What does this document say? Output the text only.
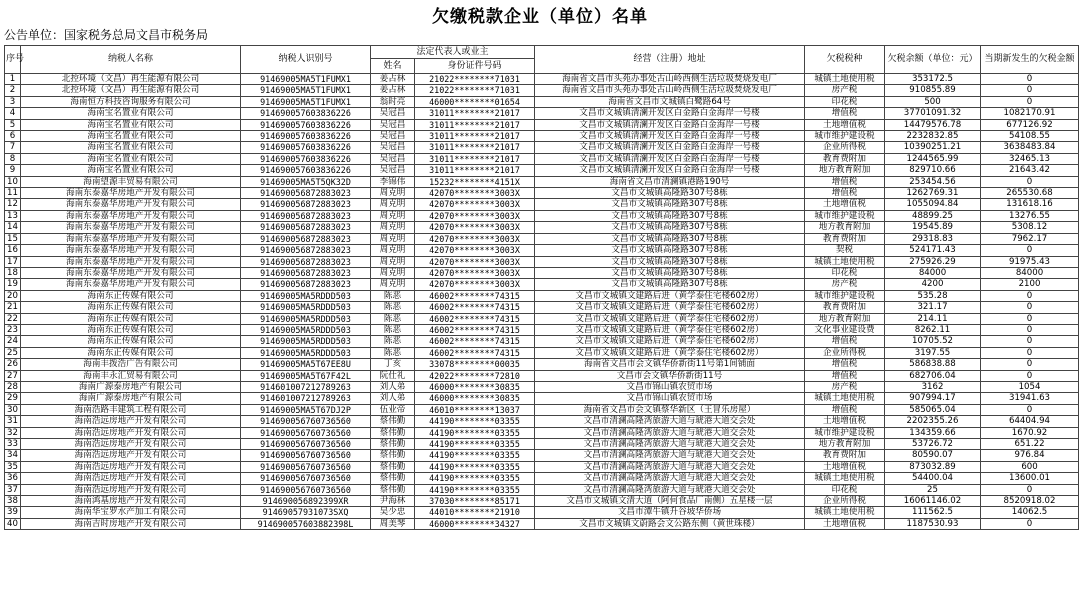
欠缴税款企业（单位）名单
公告单位：国家税务总局文昌市税务局
序号	纳税人名称	纳税人识别号	法定代表人或业主		经营（注册）地址	欠税税种	欠税余额（单位：元）	当期新发生的欠税金额
			姓名	身份证件号码				
1	北控环境（文昌）再生能源有限公司	91469005MA5T1FUMX1	姜占林	21022********71031	海南省文昌市头苑办事处古山岭西侧生活垃圾焚烧发电厂	城镇土地使用税	353172.5	0
2	北控环境（文昌）再生能源有限公司	91469005MA5T1FUMX1	姜占林	21022********71031	海南省文昌市头苑办事处古山岭西侧生活垃圾焚烧发电厂	房产税	910855.89	0
3	海南恒方科技咨询服务有限公司	91469005MA5T1FUMX1	翁时亮	46000********01654	海南省文昌市文城镇白鹭路64号	印花税	500	0
4	海南宝名置业有限公司	914690057603836226	吴冠昌	31011********21017	文昌市文城镇清澜开发区白金路白金海岸一号楼	增值税	37701091.32	1082170.91
5	海南宝名置业有限公司	914690057603836226	吴冠昌	31011********21017	文昌市文城镇清澜开发区白金路白金海岸一号楼	土地增值税	14479576.78	677126.92
6	海南宝名置业有限公司	914690057603836226	吴冠昌	31011********21017	文昌市文城镇清澜开发区白金路白金海岸一号楼	城市维护建设税	2232832.85	54108.55
7	海南宝名置业有限公司	914690057603836226	吴冠昌	31011********21017	文昌市文城镇清澜开发区白金路白金海岸一号楼	企业所得税	10390251.21	3638483.84
8	海南宝名置业有限公司	914690057603836226	吴冠昌	31011********21017	文昌市文城镇清澜开发区白金路白金海岸一号楼	教育费附加	1244565.99	32465.13
9	海南宝名置业有限公司	914690057603836226	吴冠昌	31011********21017	文昌市文城镇清澜开发区白金路白金海岸一号楼	地方教育附加	829710.66	21643.42
10	海南望源丰贸易有限公司	91469005MA5T5QK32D	李锦伟	15232********4151X	海南省文昌市清澜镇港路190号	增值税	253454.56	0
11	海南东泰嘉华房地产开发有限公司	914690056872883023	周克明	42070********3003X	文昌市文城镇高隆路307号8栋	增值税	1262769.31	265530.68
12	海南东泰嘉华房地产开发有限公司	914690056872883023	周克明	42070********3003X	文昌市文城镇高隆路307号8栋	土地增值税	1055094.84	131618.16
13	海南东泰嘉华房地产开发有限公司	914690056872883023	周克明	42070********3003X	文昌市文城镇高隆路307号8栋	城市维护建设税	48899.25	13276.55
14	海南东泰嘉华房地产开发有限公司	914690056872883023	周克明	42070********3003X	文昌市文城镇高隆路307号8栋	地方教育附加	19545.89	5308.12
15	海南东泰嘉华房地产开发有限公司	914690056872883023	周克明	42070********3003X	文昌市文城镇高隆路307号8栋	教育费附加	29318.83	7962.17
16	海南东泰嘉华房地产开发有限公司	914690056872883023	周克明	42070********3003X	文昌市文城镇高隆路307号8栋	契税	524171.43	0
17	海南东泰嘉华房地产开发有限公司	914690056872883023	周克明	42070********3003X	文昌市文城镇高隆路307号8栋	城镇土地使用税	275926.29	91975.43
18	海南东泰嘉华房地产开发有限公司	914690056872883023	周克明	42070********3003X	文昌市文城镇高隆路307号8栋	印花税	84000	84000
19	海南东泰嘉华房地产开发有限公司	914690056872883023	周克明	42070********3003X	文昌市文城镇高隆路307号8栋	房产税	4200	2100
20	海南东正传媒有限公司	91469005MA5RDDD503	陈恶	46002********74315	文昌市文城镇文建路后进（黄学泰住宅楼602房）	城市维护建设税	535.28	0
21	海南东正传媒有限公司	91469005MA5RDDD503	陈恶	46002********74315	文昌市文城镇文建路后进（黄学泰住宅楼602房）	教育费附加	321.17	0
22	海南东正传媒有限公司	91469005MA5RDDD503	陈恶	46002********74315	文昌市文城镇文建路后进（黄学泰住宅楼602房）	地方教育附加	214.11	0
23	海南东正传媒有限公司	91469005MA5RDDD503	陈恶	46002********74315	文昌市文城镇文建路后进（黄学泰住宅楼602房）	文化事业建设费	8262.11	0
24	海南东正传媒有限公司	91469005MA5RDDD503	陈恶	46002********74315	文昌市文城镇文建路后进（黄学泰住宅楼602房）	增值税	10705.52	0
25	海南东正传媒有限公司	91469005MA5RDDD503	陈恶	46002********74315	文昌市文城镇文建路后进（黄学泰住宅楼602房）	企业所得税	3197.55	0
26	海南丰拨浩广告有限公司	91469005MA5T67EE8U	丁亥	33078********00035	海南省文昌市会文镇华侨新街11号第1间铺面	增值税	586838.88	0
27	海南丰永汇贸易有限公司	91469005MA5T67F42L	阮仕礼	42022********72810	文昌市会文镇华侨新街11号	增值税	682706.04	0
28	海南广源泰房地产有限公司	914601007212789263	刘人弟	46000********30835	文昌市锦山镇农贸市场	房产税	3162	1054
29	海南广源泰房地产有限公司	914601007212789263	刘人弟	46000********30835	文昌市锦山镇农贸市场	城镇土地使用税	907994.17	31941.63
30	海南浩路丰建筑工程有限公司	91469005MA5T67DJ2P	伍业帝	46010********13037	海南省文昌市会文镇蔡华新区（王冒乐房屋）	增值税	585065.04	0
31	海南浩远房地产开发有限公司	914690056760736560	蔡伟勤	44190********03355	文昌市清澜高隆湾旅游大道与琥港大道交会处	土地增值税	2202355.26	64404.94
32	海南浩远房地产开发有限公司	914690056760736560	蔡伟勤	44190********03355	文昌市清澜高隆湾旅游大道与琥港大道交会处	城市维护建设税	134359.66	1670.92
33	海南浩远房地产开发有限公司	914690056760736560	蔡伟勤	44190********03355	文昌市清澜高隆湾旅游大道与琥港大道交会处	地方教育附加	53726.72	651.22
34	海南浩远房地产开发有限公司	914690056760736560	蔡伟勤	44190********03355	文昌市清澜高隆湾旅游大道与琥港大道交会处	教育费附加	80590.07	976.84
35	海南浩远房地产开发有限公司	914690056760736560	蔡伟勤	44190********03355	文昌市清澜高隆湾旅游大道与琥港大道交会处	土地增值税	873032.89	600
36	海南浩远房地产开发有限公司	914690056760736560	蔡伟勤	44190********03355	文昌市清澜高隆湾旅游大道与琥港大道交会处	城镇土地使用税	54400.04	13600.01
37	海南浩远房地产开发有限公司	914690056760736560	蔡伟勤	44190********03355	文昌市清澜高隆湾旅游大道与琥港大道交会处	印花税	25	0
38	海南鸿基房地产开发有限公司	914690056892399XR	尹海林	37030********85171	文昌市文城镇文清大道（阿何食品厂南侧）五星楼一层	企业所得税	16061146.02	8520918.02
39	海南华宝罗水产加工有限公司	91469057931073SXQ	吴少忠	44010********21910	文昌市潭牛镇升谷坡华侨场	城镇土地使用税	111562.5	14062.5
40	海南吉时房地产开发有限公司	914690057603882398L	周美琴	46000********34327	文昌市文城镇文蔚路会文公路东侧（黄世珠楼）	土地增值税	1187530.93	0
